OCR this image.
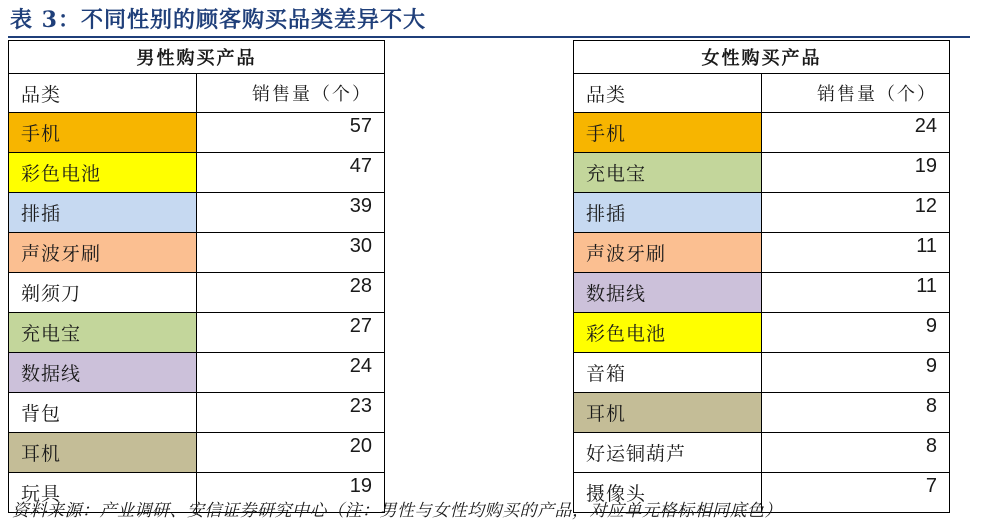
表 3：不同性别的顾客购买品类差异不大
男性购买产品	
品类	销售量（个）
手机	57
彩色电池	47
排插	39
声波牙刷	30
剃须刀	28
充电宝	27
数据线	24
背包	23
耳机	20
玩具	19
女性购买产品	
品类	销售量（个）
手机	24
充电宝	19
排插	12
声波牙刷	11
数据线	11
彩色电池	9
音箱	9
耳机	8
好运铜葫芦	8
摄像头	7
资料来源：产业调研、安信证券研究中心（注：男性与女性均购买的产品，对应单元格标相同底色）
